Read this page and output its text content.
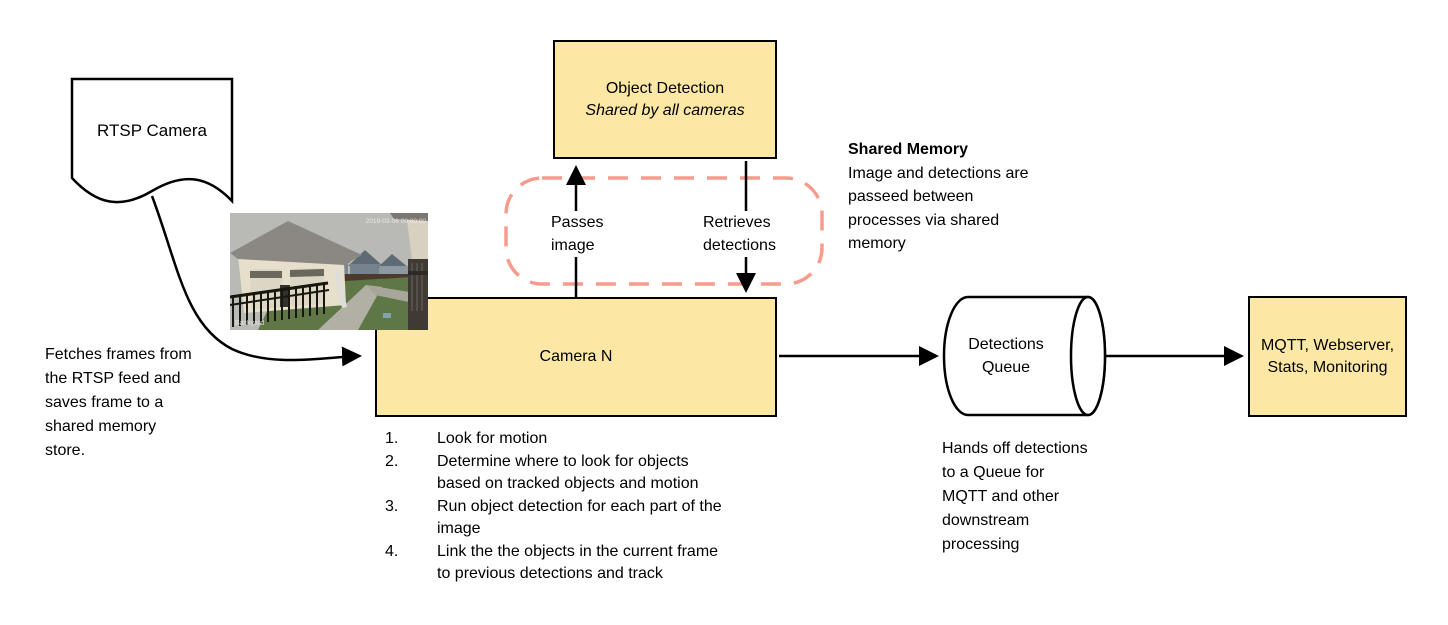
RTSP Camera
Fetches frames from
the RTSP feed and
saves frame to a
shared memory
store.
Object Detection
Shared by all cameras
Passes
image
Retrieves
detections
Shared Memory
Image and detections are
passeed between
processes via shared
memory
Camera N
1.	Look for motion
2.	Determine where to look for objects
based on tracked objects and motion
3.	Run object detection for each part of the
image
4.	Link the the objects in the current frame
to previous detections and track
Detections Queue
Hands off detections
to a Queue for
MQTT and other
downstream
processing
MQTT, Webserver, Stats, Monitoring
2019-03-06 00:00:00
Backyard
